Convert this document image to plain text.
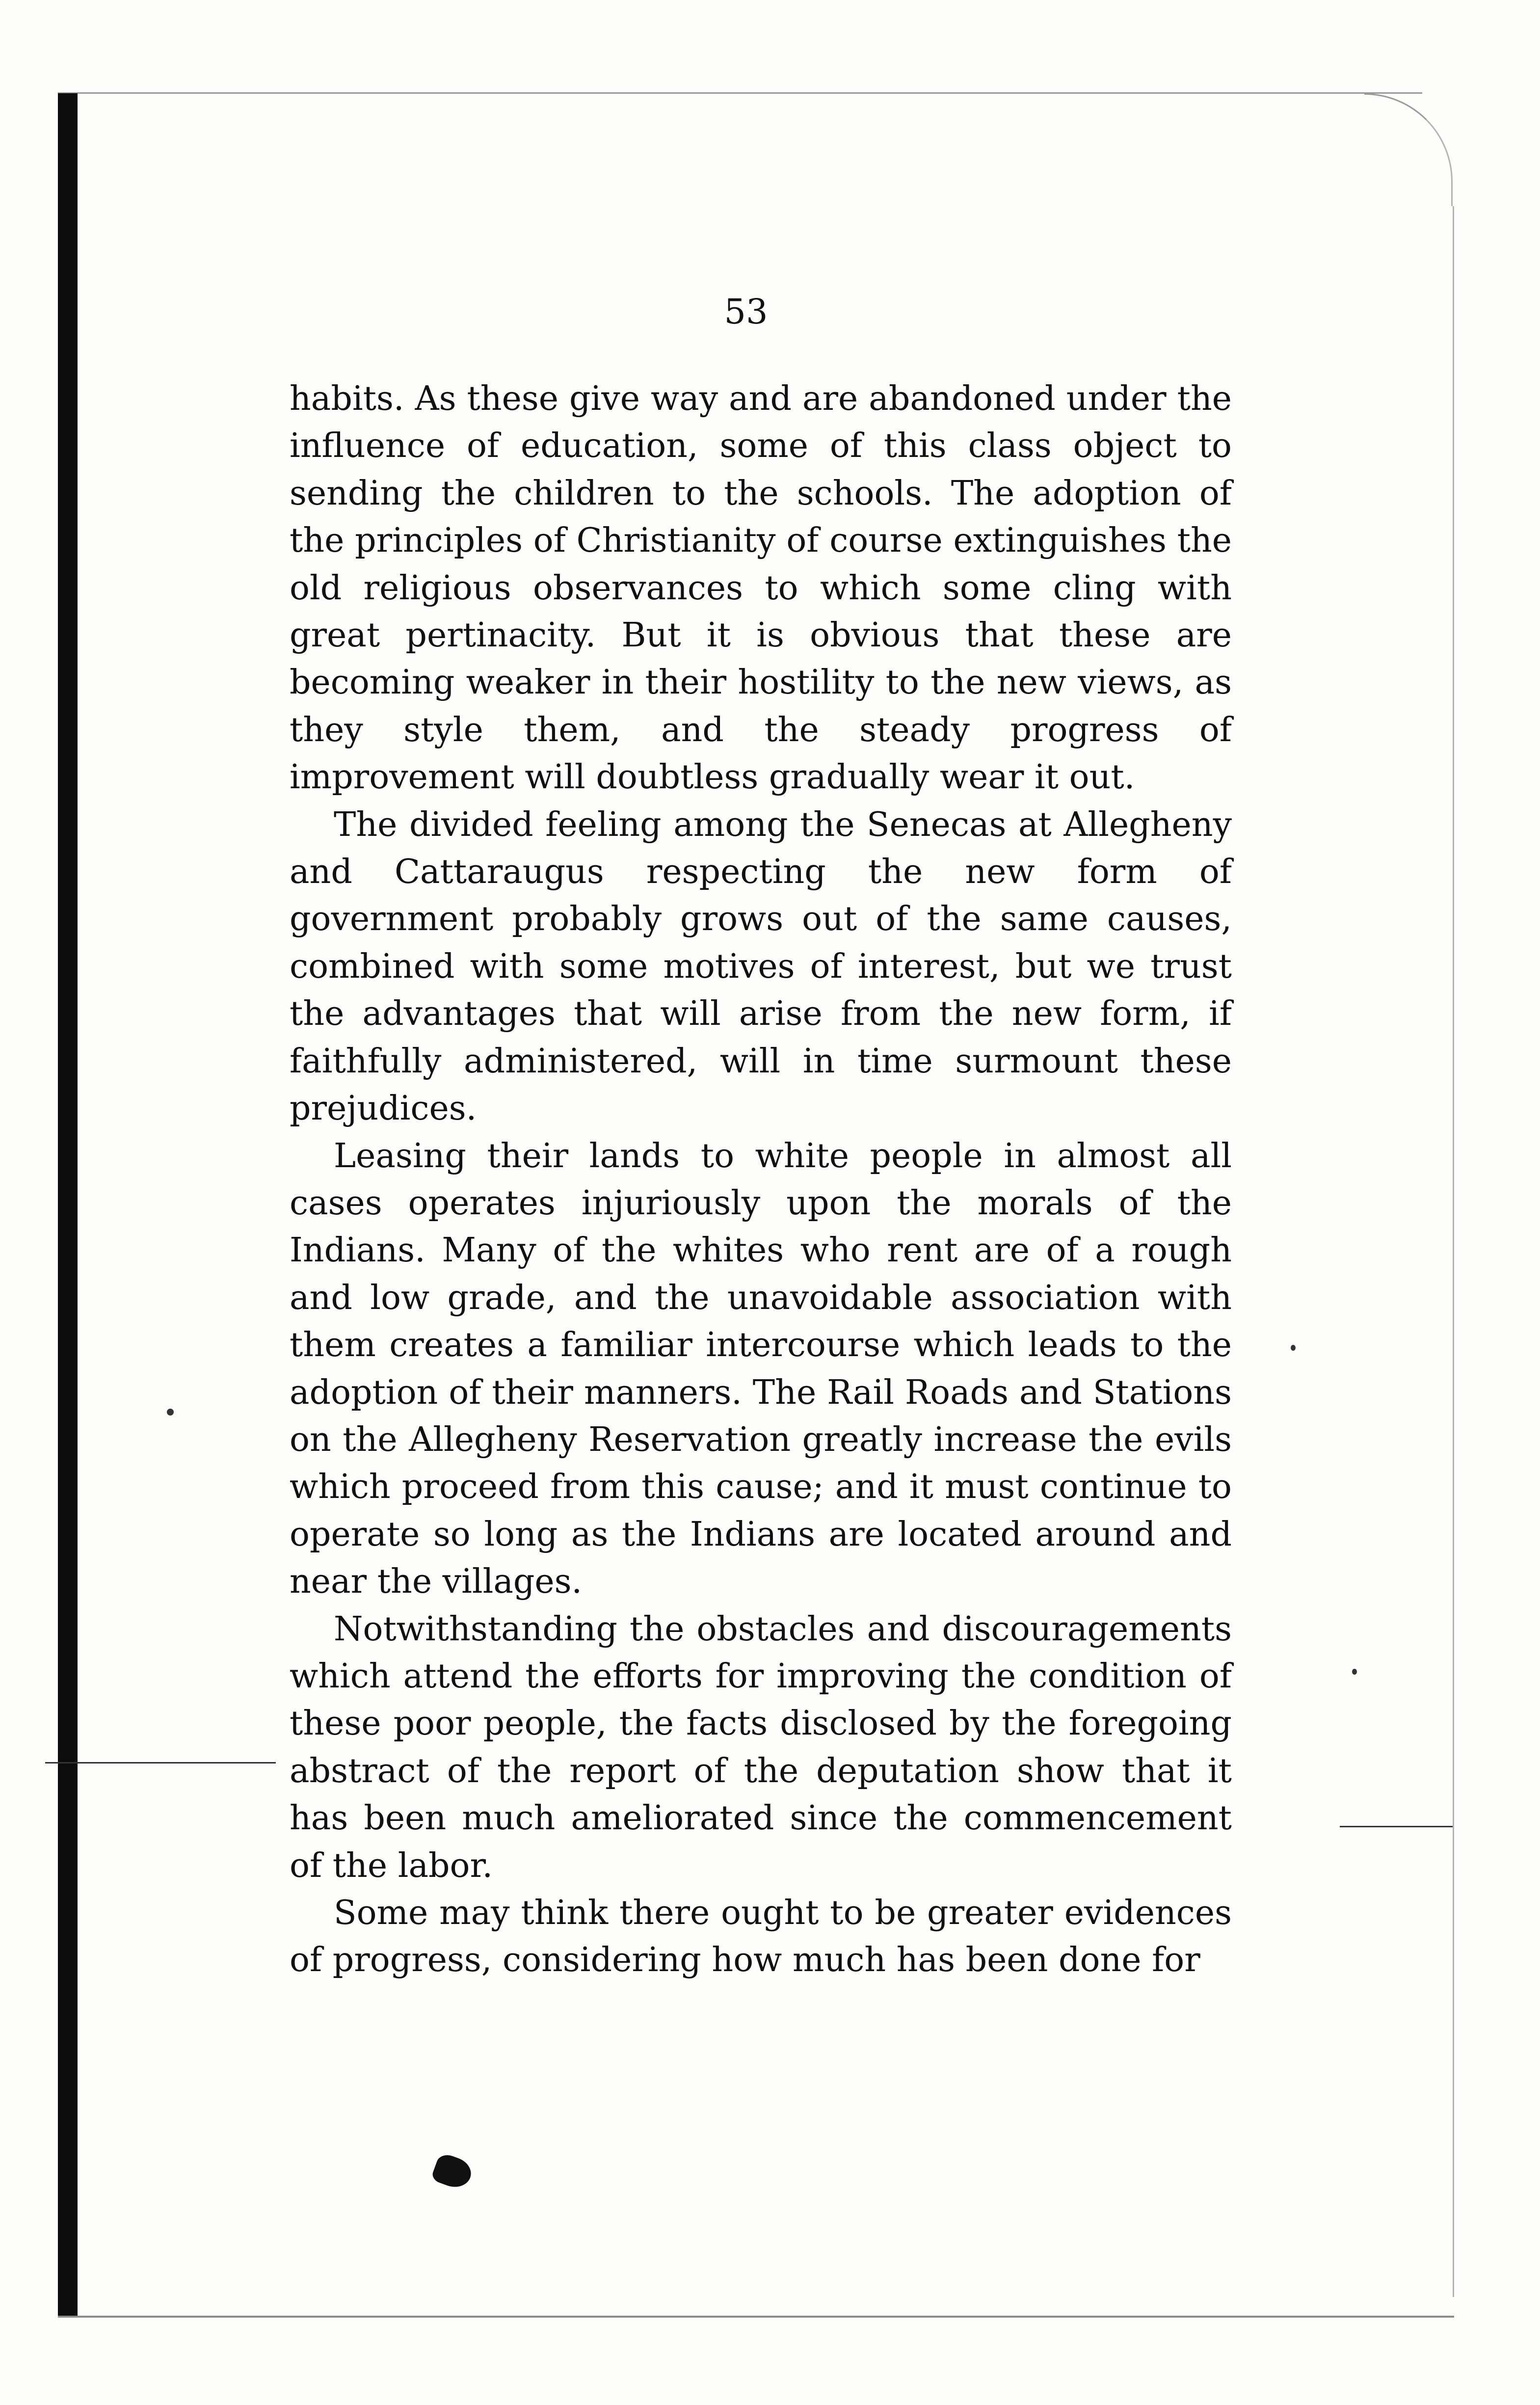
53

habits. As these give way and are abandoned under the influence of education, some of this class object to sending the children to the schools. The adoption of the principles of Christianity of course extinguishes the old religious observances to which some cling with great pertinacity. But it is obvious that these are becoming weaker in their hostility to the new views, as they style them, and the steady progress of improvement will doubtless gradually wear it out.

The divided feeling among the Senecas at Allegheny and Cattaraugus respecting the new form of government probably grows out of the same causes, combined with some motives of interest, but we trust the advantages that will arise from the new form, if faithfully administered, will in time surmount these prejudices.

Leasing their lands to white people in almost all cases operates injuriously upon the morals of the Indians. Many of the whites who rent are of a rough and low grade, and the unavoidable association with them creates a familiar intercourse which leads to the adoption of their manners. The Rail Roads and Stations on the Allegheny Reservation greatly increase the evils which proceed from this cause; and it must continue to operate so long as the Indians are located around and near the villages.

Notwithstanding the obstacles and discouragements which attend the efforts for improving the condition of these poor people, the facts disclosed by the foregoing abstract of the report of the deputation show that it has been much ameliorated since the commencement of the labor.

Some may think there ought to be greater evidences of progress, considering how much has been done for
